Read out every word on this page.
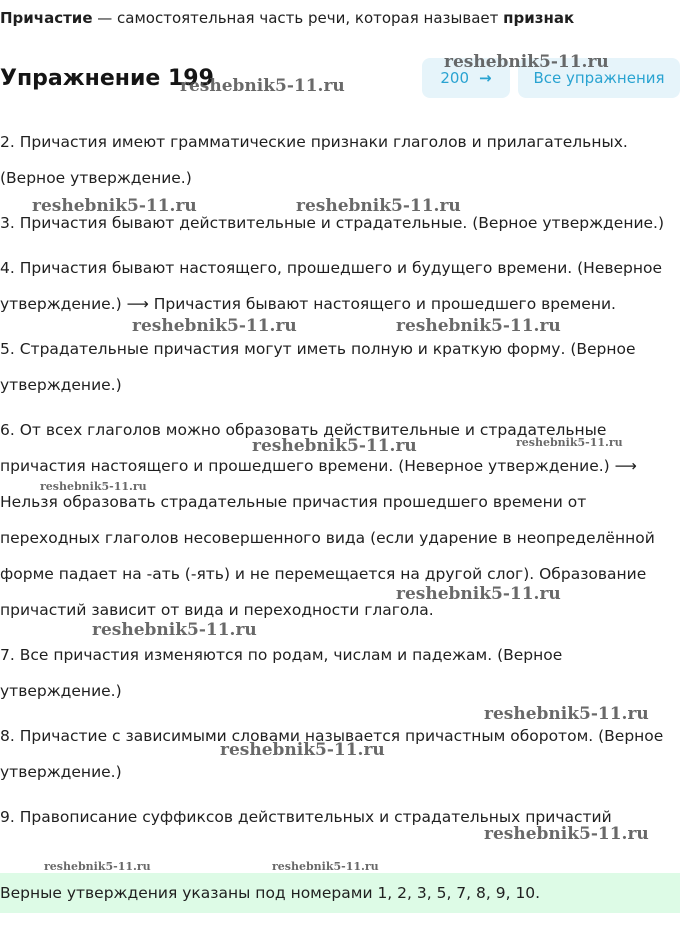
Причастие — самостоятельная часть речи, которая называет признак
Упражнение 199	200 →	Все упражнения
2. Причастия имеют грамматические признаки глаголов и прилагательных. (Верное утверждение.)
3. Причастия бывают действительные и страдательные. (Верное утверждение.)
4. Причастия бывают настоящего, прошедшего и будущего времени. (Неверное утверждение.) ⟶ Причастия бывают настоящего и прошедшего времени.
5. Страдательные причастия могут иметь полную и краткую форму. (Верное утверждение.)
6. От всех глаголов можно образовать действительные и страдательные причастия настоящего и прошедшего времени. (Неверное утверждение.) ⟶ Нельзя образовать страдательные причастия прошедшего времени от переходных глаголов несовершенного вида (если ударение в неопределённой форме падает на -ать (-ять) и не перемещается на другой слог). Образование причастий зависит от вида и переходности глагола.
7. Все причастия изменяются по родам, числам и падежам. (Верное утверждение.)
8. Причастие с зависимыми словами называется причастным оборотом. (Верное утверждение.)
9. Правописание суффиксов действительных и страдательных причастий
Верные утверждения указаны под номерами 1, 2, 3, 5, 7, 8, 9, 10.
reshebnik5-11.ru
reshebnik5-11.ru
reshebnik5-11.ru	reshebnik5-11.ru
reshebnik5-11.ru	reshebnik5-11.ru
reshebnik5-11.ru	reshebnik5-11.ru
reshebnik5-11.ru
reshebnik5-11.ru
reshebnik5-11.ru
reshebnik5-11.ru
reshebnik5-11.ru
reshebnik5-11.ru
reshebnik5-11.ru	reshebnik5-11.ru
